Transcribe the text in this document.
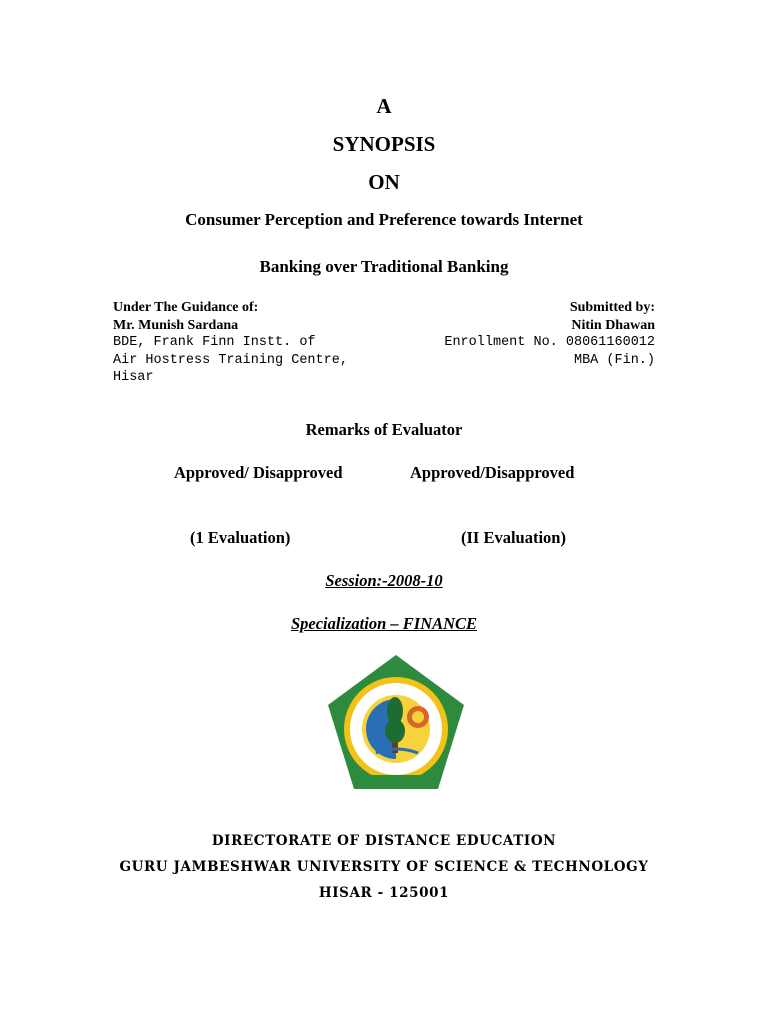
A
SYNOPSIS
ON
Consumer Perception and Preference towards Internet
Banking over Traditional Banking
Under The Guidance of:
Mr. Munish Sardana
BDE, Frank Finn Instt. of
Air Hostress Training Centre,
Hisar
Submitted by:
Nitin Dhawan
Enrollment No. 08061160012
MBA (Fin.)
Remarks of Evaluator
Approved/ Disapproved	Approved/Disapproved
(1 Evaluation)	(II Evaluation)
Session:-2008-10
Specialization – FINANCE
DIRECTORATE OF DISTANCE EDUCATION
GURU JAMBESHWAR UNIVERSITY OF SCIENCE & TECHNOLOGY
HISAR - 125001
